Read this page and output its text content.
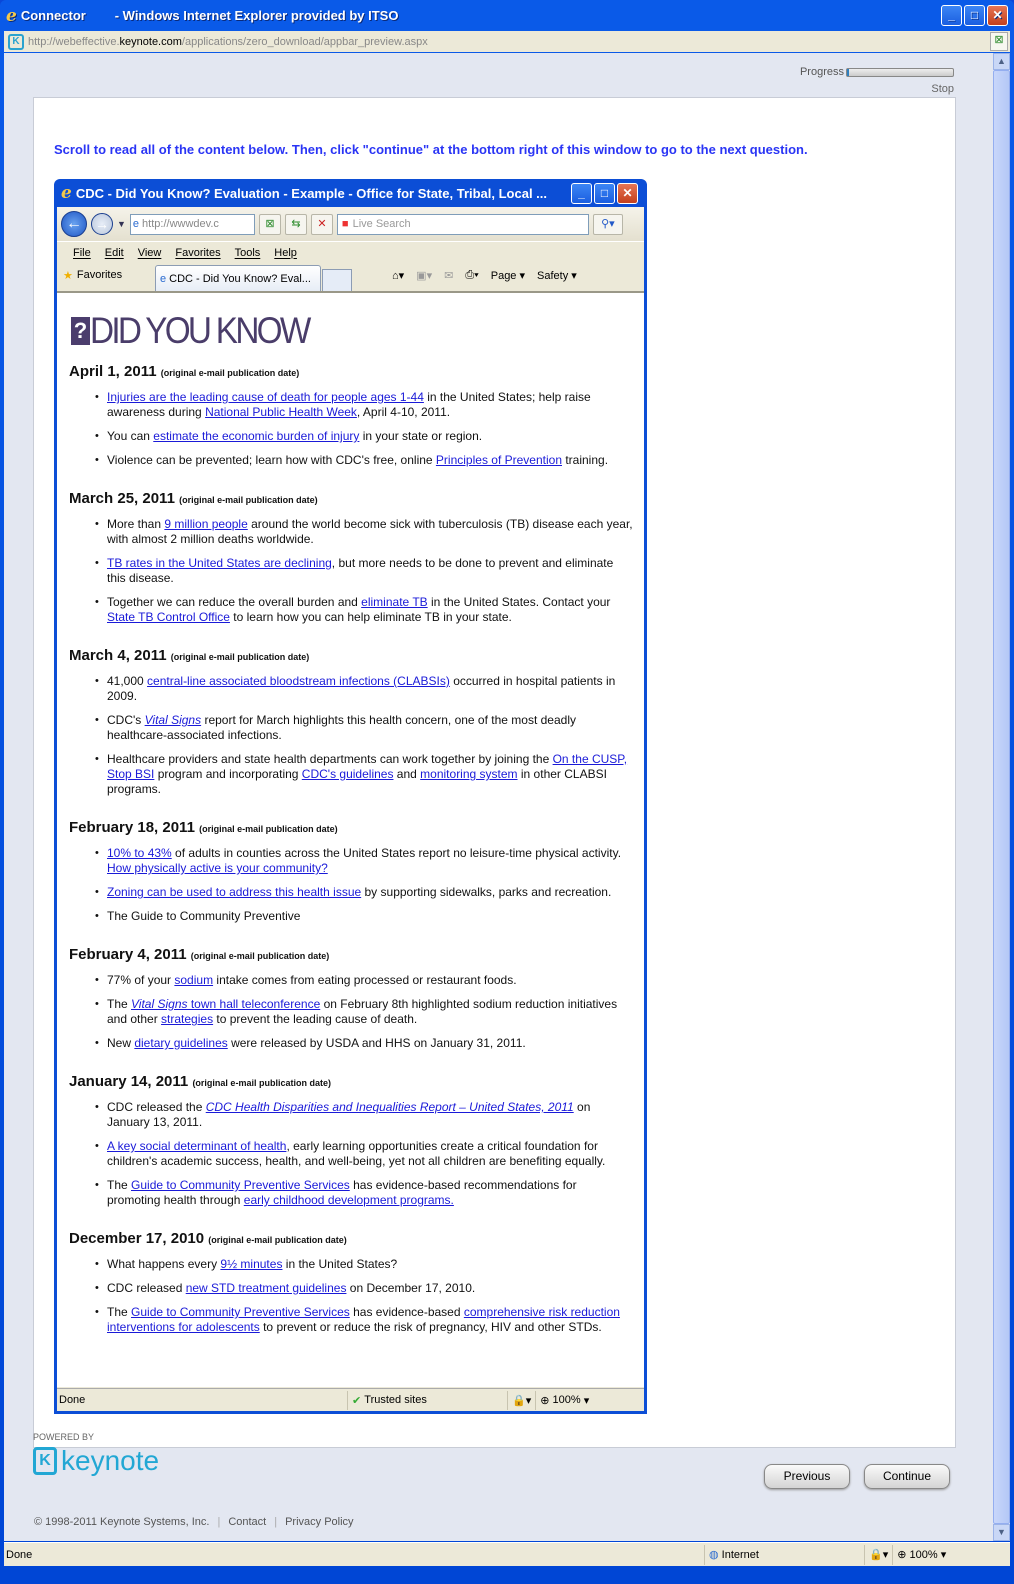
e Connector        - Windows Internet Explorer provided by ITSO	_	□	✕
K http://webeffective. keynote.com /applications/zero_download/appbar_preview.aspx	⊠
Progress
Stop
Scroll to read all of the content below. Then, click "continue" at the bottom right of this window to go to the next question.
e CDC - Did You Know? Evaluation - Example - Office for State, Tribal, Local ...	_	□	✕
← → ▼ e http://wwwdev.c	⊠	⇆	✕	■ Live Search	⚲▾
File Edit View Favorites Tools Help
★ Favorites	e CDC - Did You Know? Eval...	⌂▾ ▣▾ ✉ ⎙▾ Page ▾ Safety ▾
? DID YOU KNOW
April 1, 2011 (original e-mail publication date)
• Injuries are the leading cause of death for people ages 1-44 in the United States; help raise awareness during National Public Health Week, April 4-10, 2011.
• You can estimate the economic burden of injury in your state or region.
• Violence can be prevented; learn how with CDC's free, online Principles of Prevention training.
March 25, 2011 (original e-mail publication date)
• More than 9 million people around the world become sick with tuberculosis (TB) disease each year, with almost 2 million deaths worldwide.
• TB rates in the United States are declining, but more needs to be done to prevent and eliminate this disease.
• Together we can reduce the overall burden and eliminate TB in the United States. Contact your State TB Control Office to learn how you can help eliminate TB in your state.
March 4, 2011 (original e-mail publication date)
• 41,000 central-line associated bloodstream infections (CLABSIs) occurred in hospital patients in 2009.
• CDC's Vital Signs report for March highlights this health concern, one of the most deadly healthcare-associated infections.
• Healthcare providers and state health departments can work together by joining the On the CUSP, Stop BSI program and incorporating CDC's guidelines and monitoring system in other CLABSI programs.
February 18, 2011 (original e-mail publication date)
• 10% to 43% of adults in counties across the United States report no leisure-time physical activity. How physically active is your community?
• Zoning can be used to address this health issue by supporting sidewalks, parks and recreation.
• The Guide to Community Preventive
February 4, 2011 (original e-mail publication date)
• 77% of your sodium intake comes from eating processed or restaurant foods.
• The Vital Signs town hall teleconference on February 8th highlighted sodium reduction initiatives and other strategies to prevent the leading cause of death.
• New dietary guidelines were released by USDA and HHS on January 31, 2011.
January 14, 2011 (original e-mail publication date)
• CDC released the CDC Health Disparities and Inequalities Report – United States, 2011 on January 13, 2011.
• A key social determinant of health, early learning opportunities create a critical foundation for children's academic success, health, and well-being, yet not all children are benefiting equally.
• The Guide to Community Preventive Services has evidence-based recommendations for promoting health through early childhood development programs.
December 17, 2010 (original e-mail publication date)
• What happens every 9½ minutes in the United States?
• CDC released new STD treatment guidelines on December 17, 2010.
• The Guide to Community Preventive Services has evidence-based comprehensive risk reduction interventions for adolescents to prevent or reduce the risk of pregnancy, HIV and other STDs.
Done	✔
Trusted sites	🔒▾ ⊕
100% ▾
POWERED BY
K keynote	Previous	Continue
© 1998-2011 Keynote Systems, Inc. | Contact | Privacy Policy
▲
▼
Done	◍
Internet	🔒▾ ⊕
100% ▾
